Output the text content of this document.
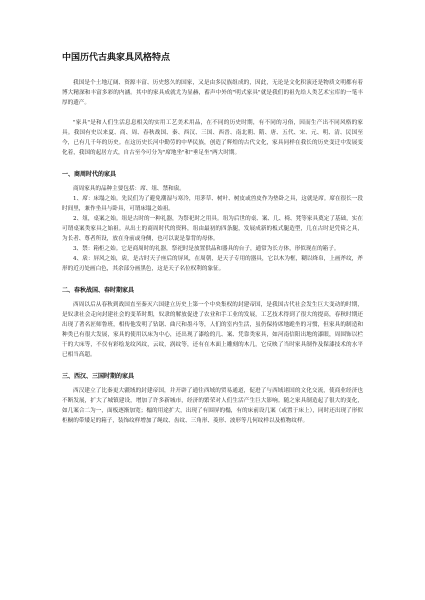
中国历代古典家具风格特点

我国是个土地辽阔、资源丰富、历史悠久的国家，又是由多民族组成的，因此，无论是文化积演还是物质文明都有着博大精深和丰富多彩的内涵。其中的家具成就尤为显赫，蓄声中外的"明式家具"就是我们的祖先给人类艺术宝库的一笔丰厚的遗产。

"家具"是和人们生活息息相关的实用工艺美术用品，在不同的历史时期，有不同的习俗，因而生产出不同风格的家具。我国有史以来夏、商、周、春秋战国、秦、西汉、三国、西晋、南北朝、隋、唐、五代、宋、元、明、清、民国至今，已有几千年的历史。在这历史长河中勤劳的中华民族，创造了辉煌的古代文化，家具同样在我长的历史变迁中发展变化着，我国的起居方式，自古至今可分为"席地坐"和"垂足坐"两大时期。

一、商周时代的家具

商周家具的品种主要包括：席、俎、禁和扆。

1、席：床塌之始。先民们为了避免潮湿与寒冷，用茅草、树叶、树皮或兽皮作为垫卧之具，这就是席。席在很长一段时间里，兼作坐具与卧具，可谓床塌之始祖。

2、俎，桌案之始。俎是古时的一种礼器，为祭祀时之用具。俎为后世的桌、案、几、椅、凳等家具奠定了基础，实在可谓桌案类家具之始祖。从出土的商周时代的资料，俎由最初的四条腿，发展成新的板式腿造型，几在古时是凭倚之具，为长者、尊者所设，放在身前或身侧，也可以说是靠背的母体。

3、禁：箱柜之始。它是商周时的礼器，祭祀时是放置供品和器具的台子，通常为长方体，形似现在的箱子。

4、扆：屏风之始，扆，是古时天子座后的屏风，在周朝，是天子专用的器具，它以木为框，糊以绛帛，上画斧纹，斧形的近刃处画白色，其余部分画黑色，这是天子名位权利的象征。

二、春秋战国、春时期家具

西周以后从春秋到战国直至秦灭六国建立历史上第一个中央集权的封建帝国，是我国古代社会发生巨大变动的时期，是奴隶社会走向封建社会的变革时期，奴隶的解放促进了农业和手工业的发展，工艺技术得到了很大的提高，春秋时期还出现了著名匠师鲁班，相传他发明了钻锯、曲尺和墨斗等，人们的室内生活，虽仍保持席地跪坐的习惯，但家具的制造和种类已有很大发展，家具的使用以床为中心，还出现了漆绘的几、案、凭靠类家具，如河南信阳出地的漆眼，周围饰以栏干的大床等，不仅有彩绘龙纹风纹，云纹，涡纹等，还有在木面上雕刻的木几，它反映了当时家具制作及髹漆技术的水平已相当高超。

三、西汉、三国时期的家具

西汉建立了比秦更大疆域的封建帝国，并开辟了通往西域的贸易通道，促进了与西域诸国的文化交流，使商业经济也不断发展，扩大了城镇建设，增加了许多新城市，经济的繁荣对人们生活产生巨大影响。随之家具制造起了很大的变化，如几案合二为一，面板逐渐加宽；榻的用途扩大，出现了有围屏的榻，有的床前设几案（或置于床上），同时还出现了形似柜橱的带矮足的箱子，装饰纹样增加了绳纹、齿纹、三角形、菱形、波形等几何纹样以及植物纹样。
